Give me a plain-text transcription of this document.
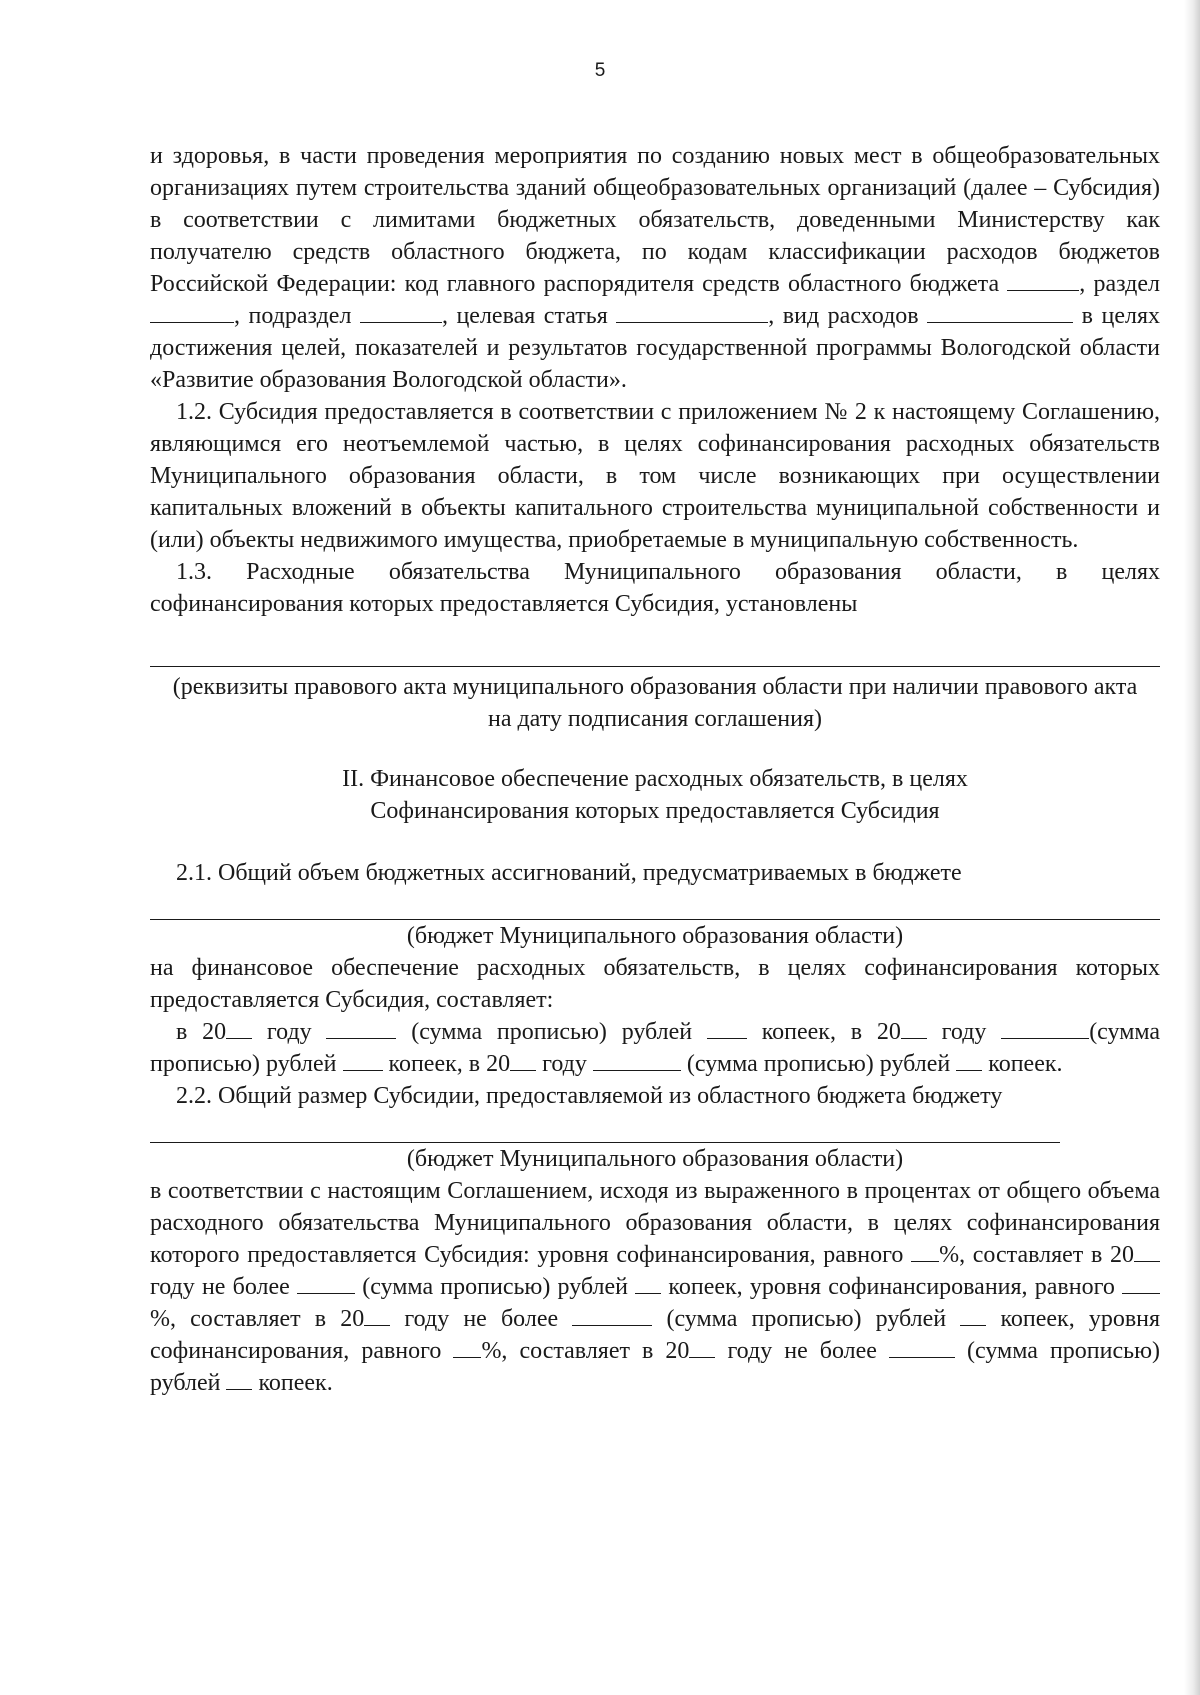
5

и здоровья, в части проведения мероприятия по созданию новых мест в общеобразовательных организациях путем строительства зданий общеобразовательных организаций (далее – Субсидия) в соответствии с лимитами бюджетных обязательств, доведенными Министерству как получателю средств областного бюджета, по кодам классификации расходов бюджетов Российской Федерации: код главного распорядителя средств областного бюджета	, раздел , подраздел	, целевая статья	, вид расходов	в целях достижения целей, показателей и результатов государственной программы Вологодской области «Развитие образования Вологодской области».

1.2. Субсидия предоставляется в соответствии с приложением № 2 к настоящему Соглашению, являющимся его неотъемлемой частью, в целях софинансирования расходных обязательств Муниципального образования области, в том числе возникающих при осуществлении капитальных вложений в объекты капитального строительства муниципальной собственности и (или) объекты недвижимого имущества, приобретаемые в муниципальную собственность.

1.3. Расходные обязательства Муниципального образования области, в целях софинансирования которых предоставляется Субсидия, установлены

(реквизиты правового акта муниципального образования области при наличии правового акта на дату подписания соглашения)

II. Финансовое обеспечение расходных обязательств, в целях

Софинансирования которых предоставляется Субсидия

2.1. Общий объем бюджетных ассигнований, предусматриваемых в бюджете

(бюджет Муниципального образования области)

на финансовое обеспечение расходных обязательств, в целях софинансирования которых предоставляется Субсидия, составляет:

в 20 году	(сумма прописью) рублей	копеек, в 20 году	(сумма прописью) рублей копеек, в 20 году	(сумма прописью) рублей копеек.

2.2. Общий размер Субсидии, предоставляемой из областного бюджета бюджету

(бюджет Муниципального образования области)

в соответствии с настоящим Соглашением, исходя из выраженного в процентах от общего объема расходного обязательства Муниципального образования области, в целях софинансирования которого предоставляется Субсидия: уровня софинансирования, равного %, составляет в 20 году не более	(сумма прописью) рублей копеек, уровня софинансирования, равного %, составляет в 20 году не более	(сумма прописью) рублей копеек, уровня софинансирования, равного %, составляет в 20 году не более	(сумма прописью) рублей копеек.
